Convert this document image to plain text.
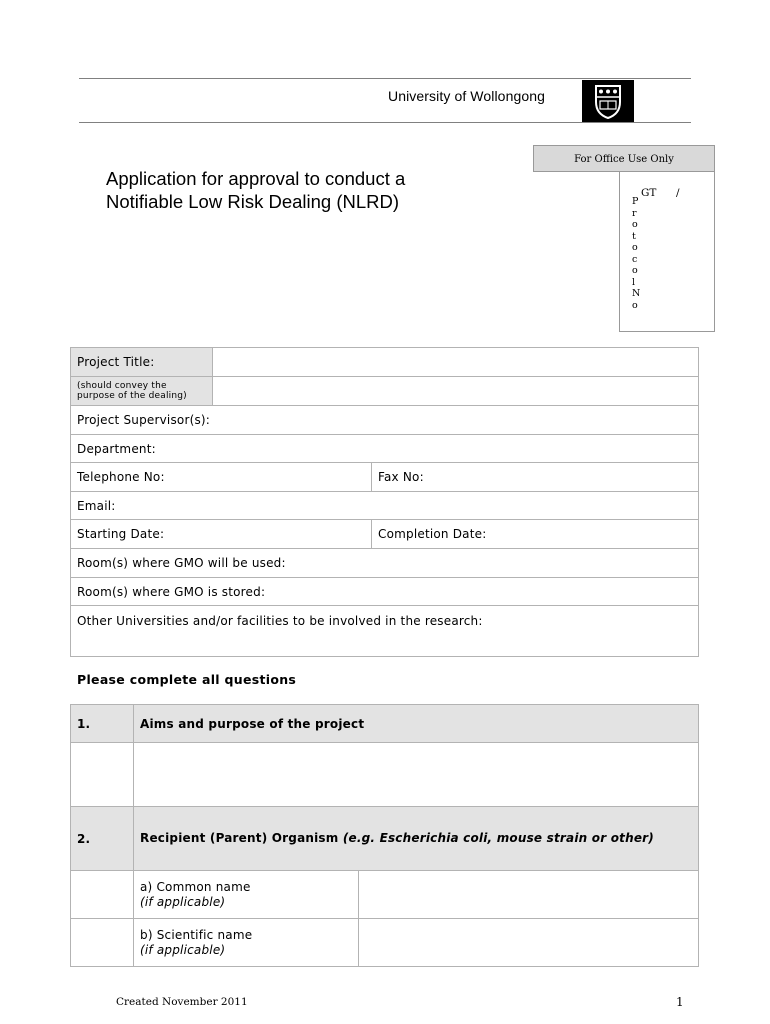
University of Wollongong
Application for approval to conduct a
Notifiable Low Risk Dealing (NLRD)
For Office Use Only
GT /
P
r
o
t
o
c
o
l
N
o
Project Title:		
(should convey the purpose of the dealing)		
Project Supervisor(s):		
Department:		
Telephone No:		Fax No:
Email:		
Starting Date:		Completion Date:
Room(s) where GMO will be used:		
Room(s) where GMO is stored:		
Other Universities and/or facilities to be involved in the research:		
Please complete all questions
1.	Aims and purpose of the project	

2.	Recipient (Parent) Organism (e.g. Escherichia coli, mouse strain or other)	

	a) Common name
(if applicable)	

	b) Scientific name
(if applicable)	

Created November 2011	1
